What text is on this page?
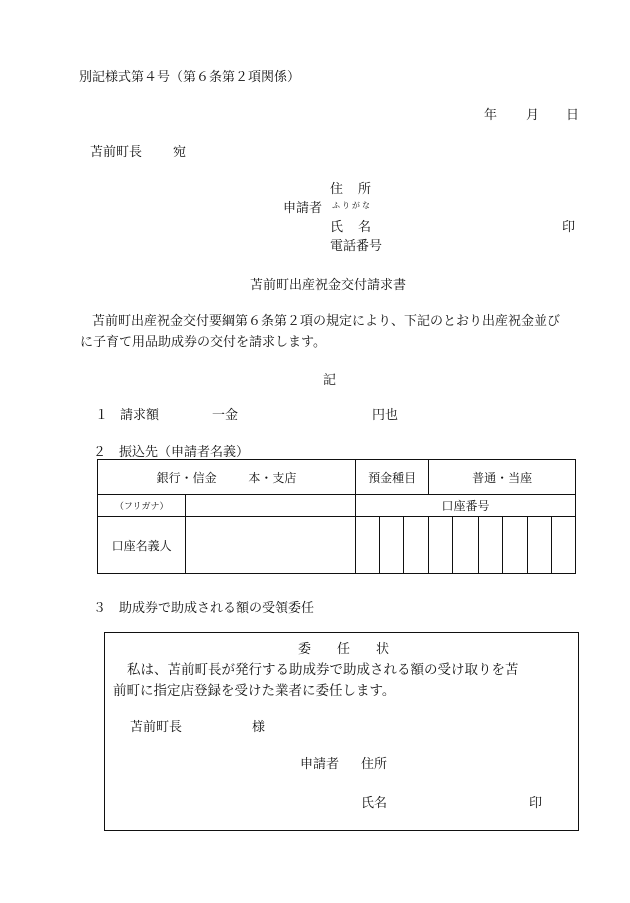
別記様式第４号（第６条第２項関係）
年 月 日
苫前町長 宛
住　所
申請者 ふりがな
氏　名	印
電話番号
苫前町出産祝金交付請求書
苫前町出産祝金交付要綱第６条第２項の規定により、下記のとおり出産祝金並び
に子育て用品助成券の交付を請求します。
記
１ 請求額	一金	円也
２　振込先（申請者名義）
銀行・信金 本・支店		預金種目			普通・当座					
（フリガナ）		口座番号								
口座名義人										
３　助成券で助成される額の受領委任
委　　任　　状
私は、苫前町長が発行する助成券で助成される額の受け取りを苫
前町に指定店登録を受けた業者に委任します。
苫前町長	様
申請者 住所
氏名	印
